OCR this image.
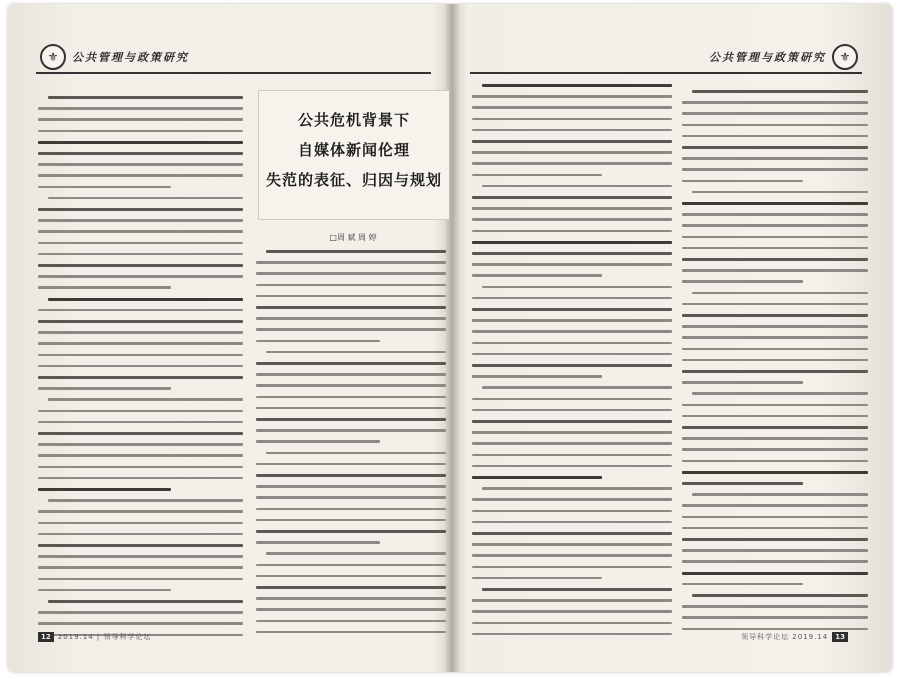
⚜	公共管理与政策研究
公共危机背景下
自媒体新闻伦理
失范的表征、归因与规划
□周 斌 周 婷
12	2019.14 | 领导科学论坛
公共管理与政策研究	⚜
领导科学论坛 2019.14	13
